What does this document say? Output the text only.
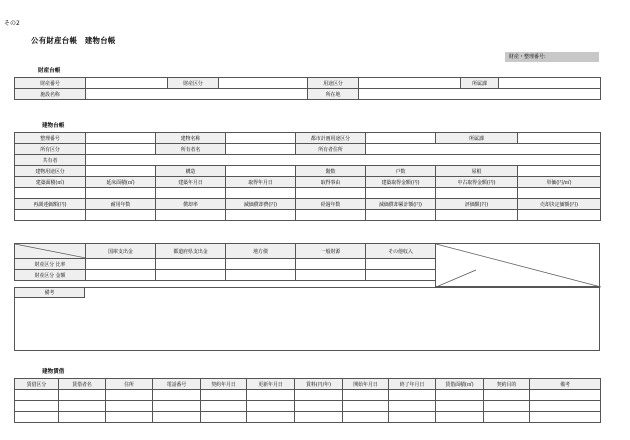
その2
公有財産台帳　建物台帳
財産・整理番号:
財産台帳
財産番号		財産区分		用途区分		所属課	
施設名称				所在地			
建物台帳
整理番号		建物名称		都市計画用途区分		所属課	
所有区分		所有者名		所有者住所			
共有者							
建物用途区分		構造		階数	戸数	屋根	
建築面積(㎡)	延床面積(㎡)	建築年月日	取得年月日	取得事由	建築取得金額(円)	中古取得金額(円)	単価(円/㎡)

再調達価額(円)	耐用年数	償却率	減価償却費(円)	経過年数	減価償却累計額(円)	評価額(円)	売却決定価額(円)

	国庫支出金	都道府県支出金	地方債	一般財源	その他収入
財産区分 比率					
財産区分 金額					
備考
建物賃借
賃借区分	賃借者名	住所	電話番号	契約年月日	更新年月日	賃料(円/年)	開始年月日	終了年月日	賃借面積(㎡)	契約目的	備考
